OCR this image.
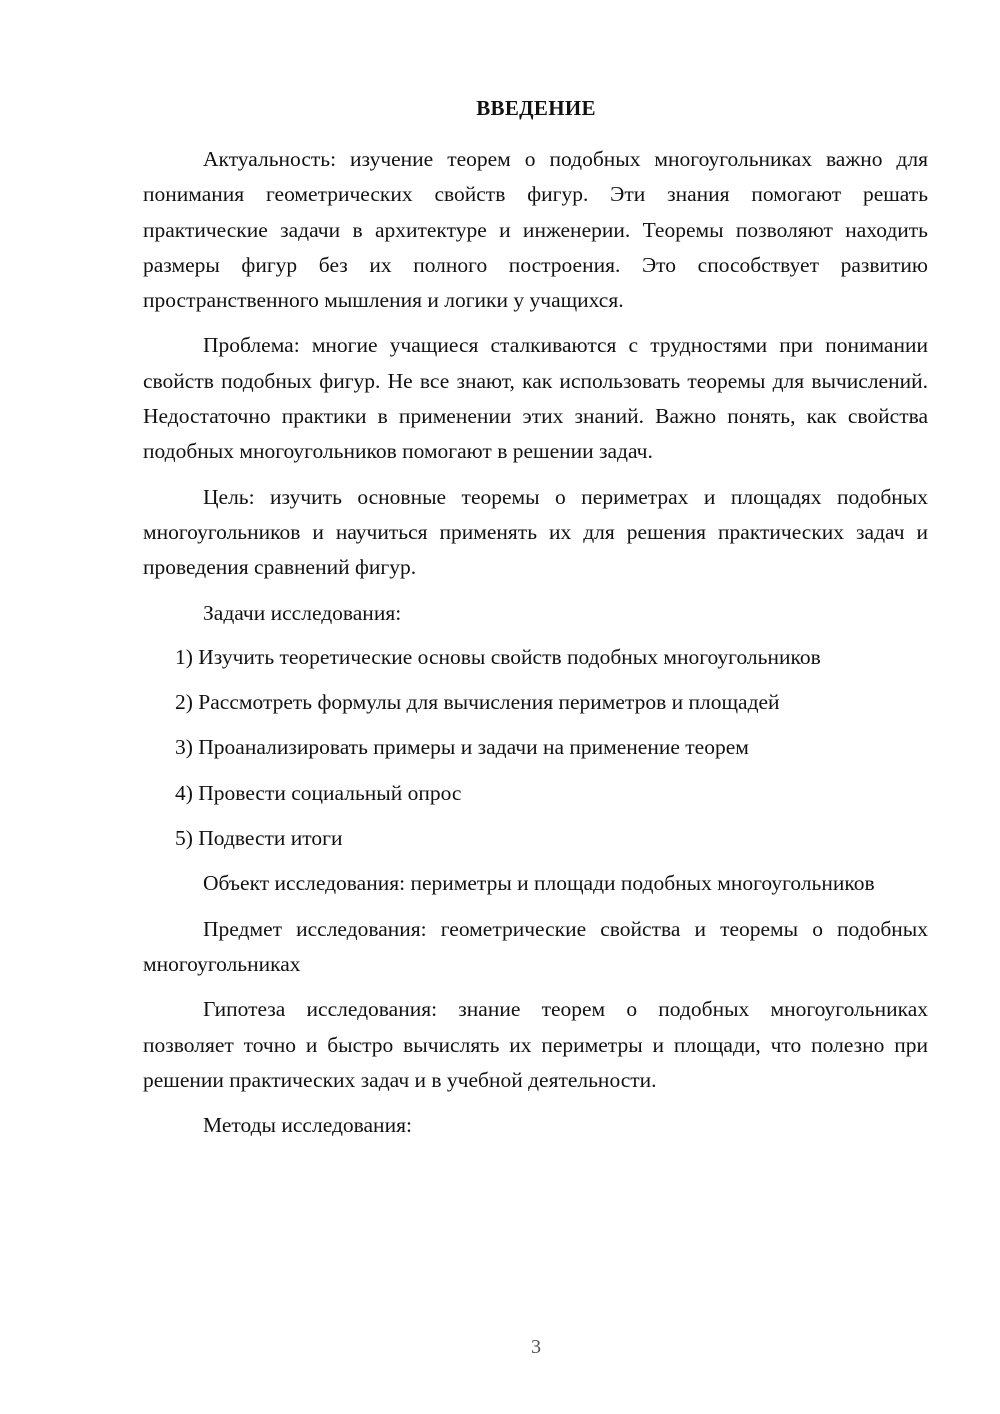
ВВЕДЕНИЕ

Актуальность: изучение теорем о подобных многоугольниках важно для понимания геометрических свойств фигур. Эти знания помогают решать практические задачи в архитектуре и инженерии. Теоремы позволяют находить размеры фигур без их полного построения. Это способствует развитию пространственного мышления и логики у учащихся.

Проблема: многие учащиеся сталкиваются с трудностями при понимании свойств подобных фигур. Не все знают, как использовать теоремы для вычислений. Недостаточно практики в применении этих знаний. Важно понять, как свойства подобных многоугольников помогают в решении задач.

Цель: изучить основные теоремы о периметрах и площадях подобных многоугольников и научиться применять их для решения практических задач и проведения сравнений фигур.

Задачи исследования:

1) Изучить теоретические основы свойств подобных многоугольников
2) Рассмотреть формулы для вычисления периметров и площадей
3) Проанализировать примеры и задачи на применение теорем
4) Провести социальный опрос
5) Подвести итоги

Объект исследования: периметры и площади подобных многоугольников

Предмет исследования: геометрические свойства и теоремы о подобных многоугольниках

Гипотеза исследования: знание теорем о подобных многоугольниках позволяет точно и быстро вычислять их периметры и площади, что полезно при решении практических задач и в учебной деятельности.

Методы исследования:

3
